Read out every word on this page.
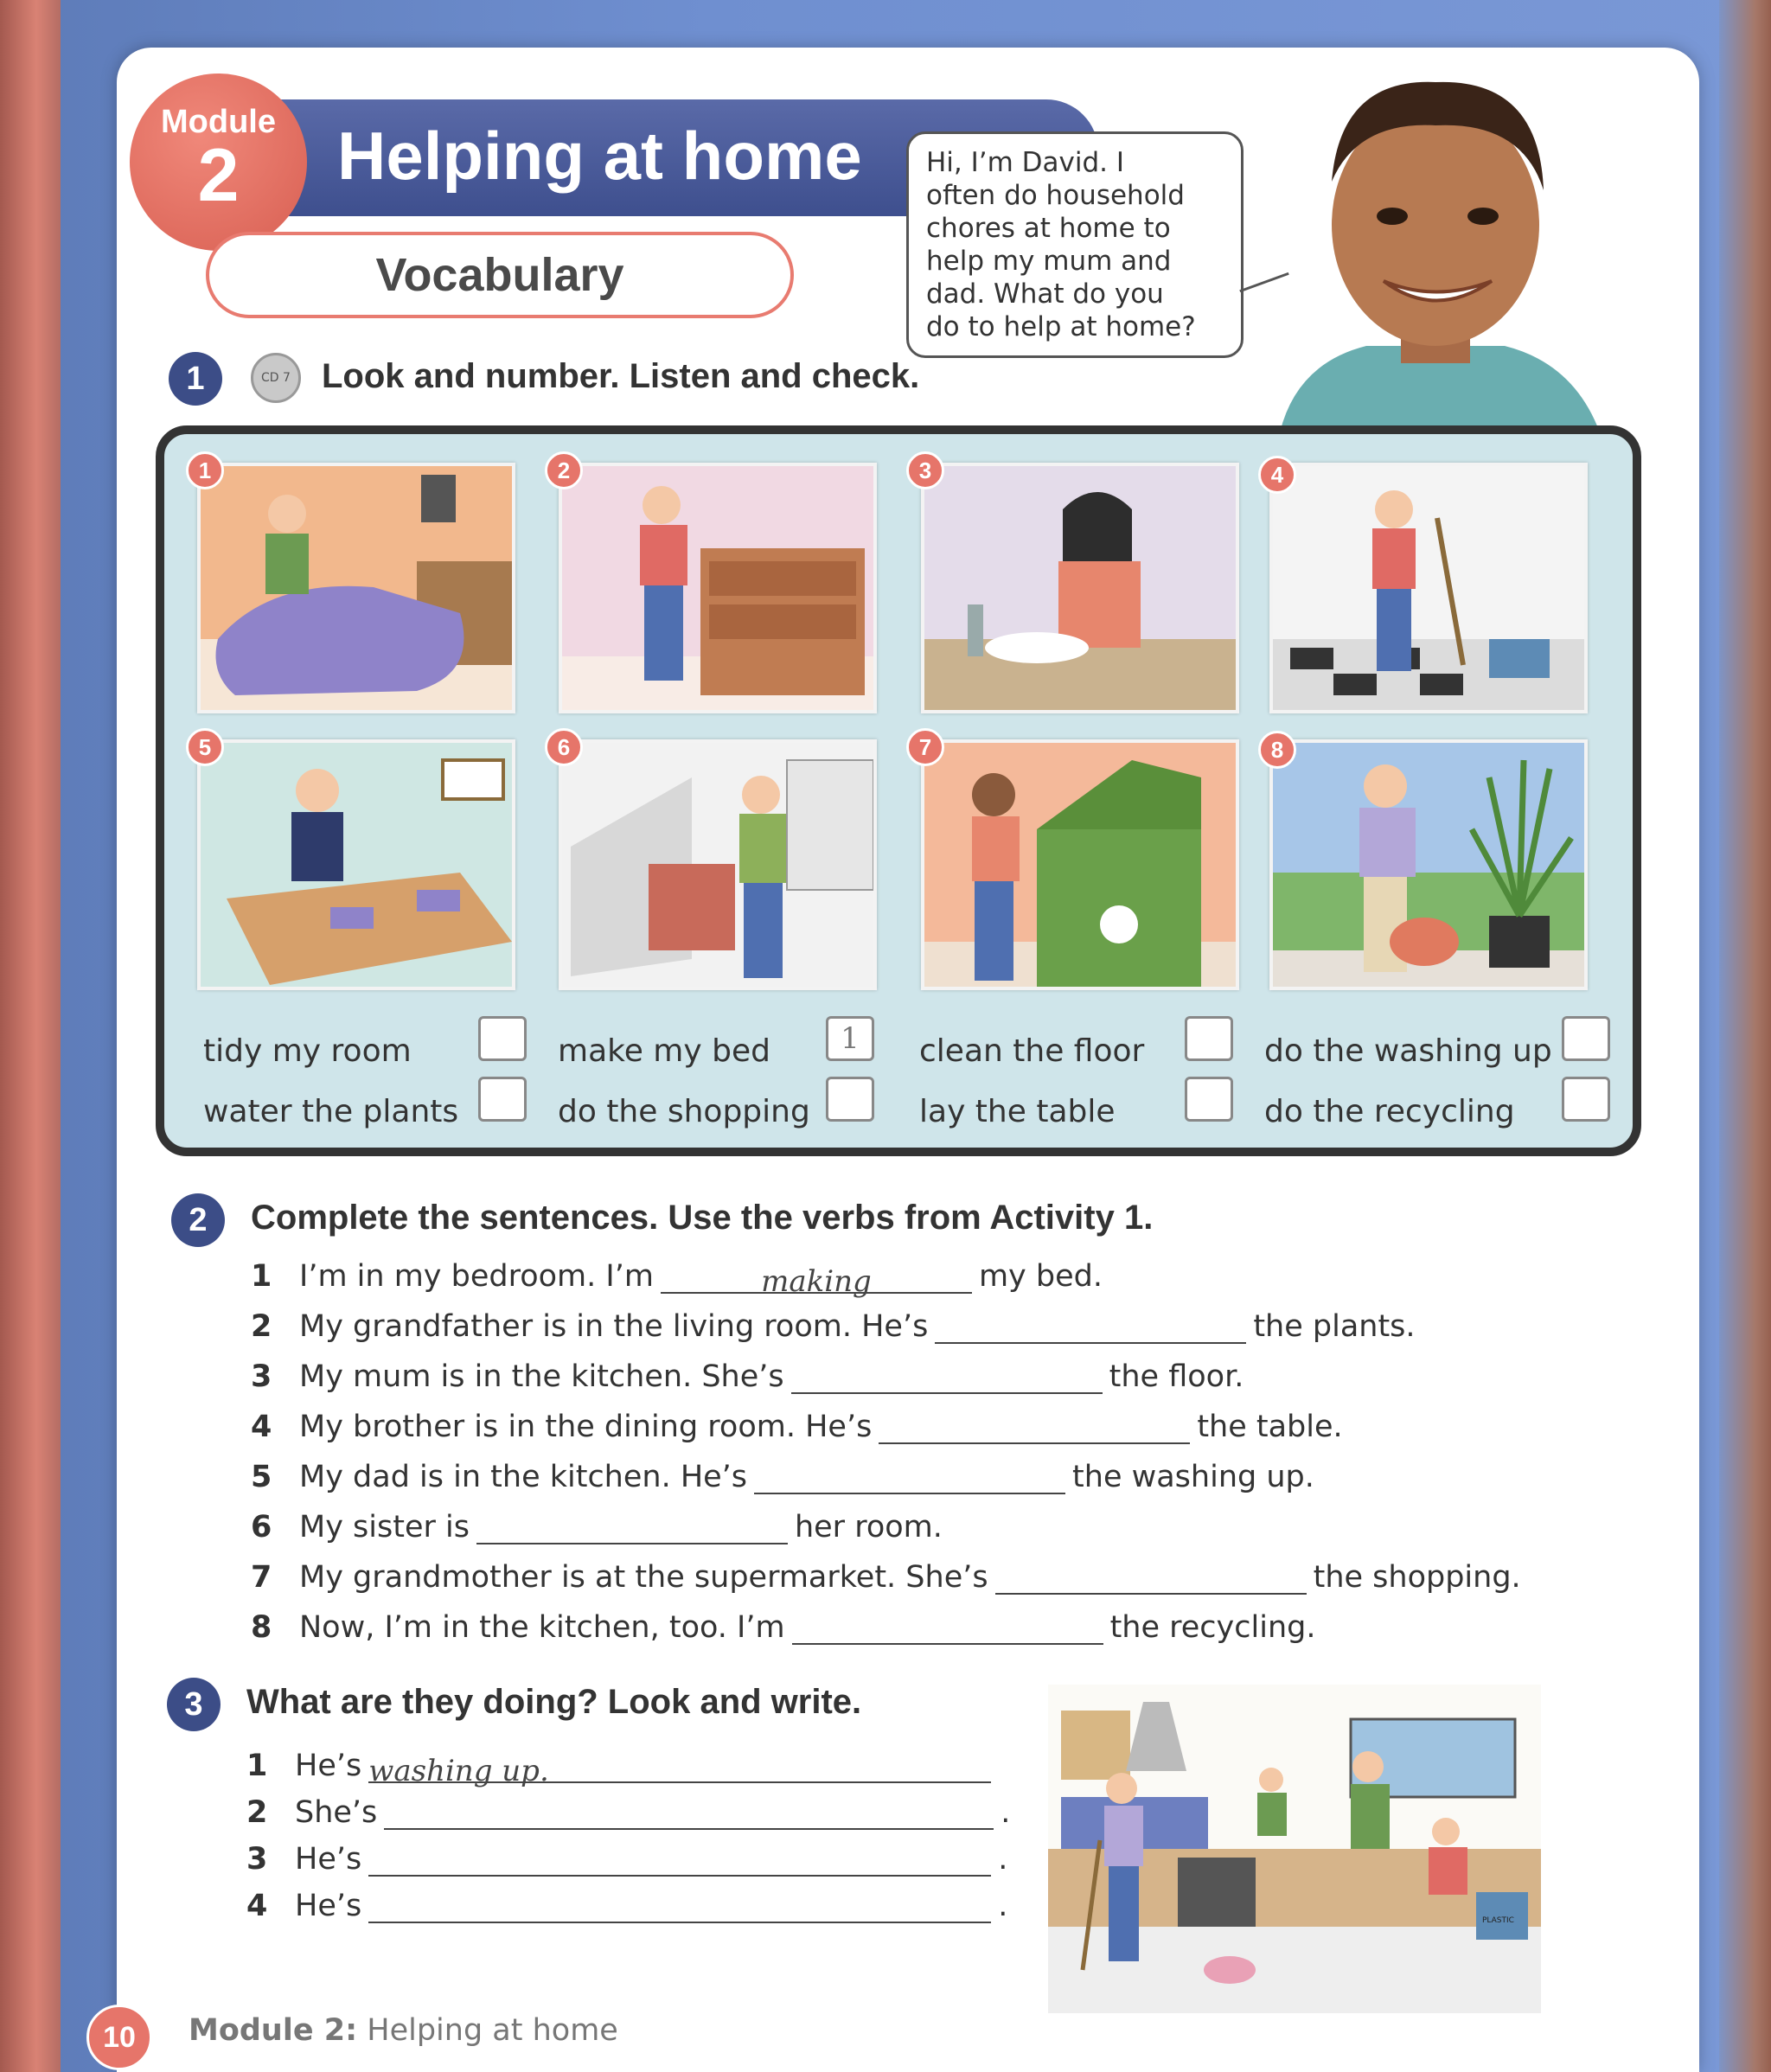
Module
2	Helping at home
Vocabulary
Hi, I’m David. I
often do household
chores at home to
help my mum and
dad. What do you
do to help at home?
1	CD 7 Look and number. Listen and check.
1	2	3	4
5	6	7	8
tidy my room	make my bed	1	clean the floor	do the washing up
water the plants	do the shopping	lay the table	do the recycling
2	Complete the sentences. Use the verbs from Activity 1.
1 I’m in my bedroom. I’m	making	my bed.
2 My grandfather is in the living room. He’s	the plants.
3 My mum is in the kitchen. She’s	the floor.
4 My brother is in the dining room. He’s	the table.
5 My dad is in the kitchen. He’s	the washing up.
6 My sister is	her room.
7 My grandmother is at the supermarket. She’s	the shopping.
8 Now, I’m in the kitchen, too. I’m	the recycling.
3	What are they doing? Look and write.
1 He’s washing up.
2 She’s	.
3 He’s	.
4 He’s	.	PLASTIC
10	Module 2: Helping at home
